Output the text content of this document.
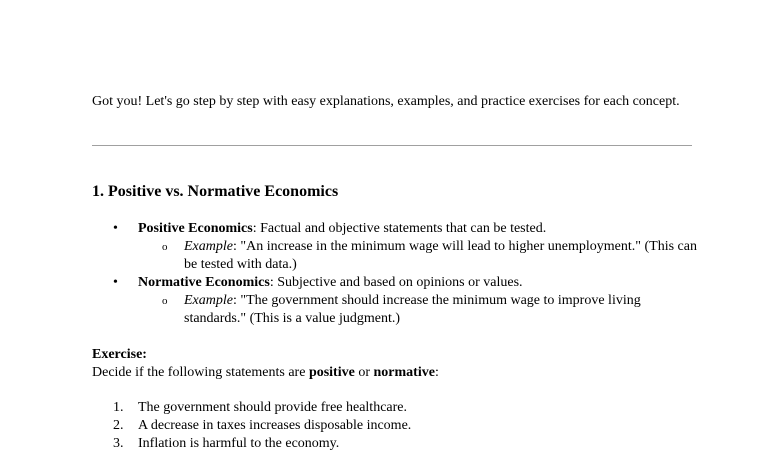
Got you! Let's go step by step with easy explanations, examples, and practice exercises for each concept.

1. Positive vs. Normative Economics
• Positive Economics: Factual and objective statements that can be tested.
o Example: "An increase in the minimum wage will lead to higher unemployment." (This can be tested with data.)
• Normative Economics: Subjective and based on opinions or values.
o Example: "The government should increase the minimum wage to improve living standards." (This is a value judgment.)

Exercise:
Decide if the following statements are positive or normative:

1. The government should provide free healthcare.
2. A decrease in taxes increases disposable income.
3. Inflation is harmful to the economy.
